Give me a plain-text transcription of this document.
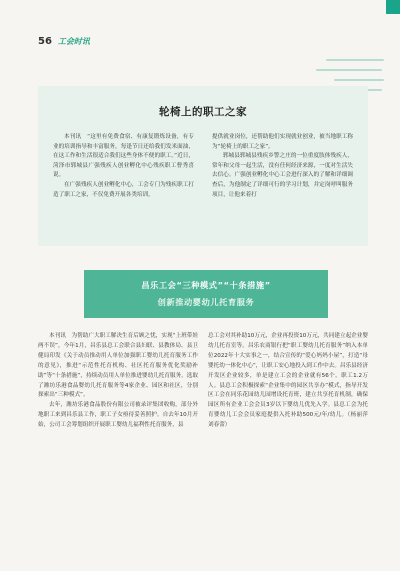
56 工会时讯
轮椅上的职工之家

本刊讯　“这里有免费食宿、有康复锻炼设备，有专业的培训指导和丰富服务，每逢节日还给我们发米面油，在这工作和生活很适合我们这些身体不便的职工。”近日，菏泽市郓城县广强残疾人创业孵化中心残疾职工曹秀喜说。

在广强残疾人创业孵化中心，工会专门为残疾职工打造了职工之家，不仅免费开展各类培训，

提供就业岗位，还帮助他们实现就业创业，被当地职工称为“轮椅上的职工之家”。

郓城县郓城县残疾乡警之庄的一位重度肢体残疾人，常年和父母一起生活，没有任何经济来源，一度对生活失去信心。广强创业孵化中心工会进行深入的了解和详细调查后，为他制定了详细可行的学习计划，并定岗呼叫服务项目，让他来着打

昌乐工会“三种模式”“十条措施”
创新推动婴幼儿托育服务

本刊讯　为帮助广大职工解决生育后顾之忧，实现“上班带娃两不误”，今年1月，昌乐县总工会联合县妇联、县教体局、县卫健局印发《关于动员推动用人单位加强职工婴幼儿托育服务工作的意见》，推进“示范性托育机构、社区托育服务优化奖励补助”等“十条措施”，持续动员用人单位推进婴幼儿托育服务。选取了潍坊乐港食品婴幼儿托育服务等4家企业、园区和社区，分别探索出“三种模式”。

去年，潍坊乐港食品股份有限公司被录评集团收购，部分外地职工来到昌乐县工作，职工子女亟待妥善照护。自去年10月开始，公司工会筹划组织开展职工婴幼儿福利性托育服务，县

总工会对其补助10万元，企业再投资10万元，共同建立起企业婴幼儿托育室等。昌乐农商银行把“职工婴幼儿托育服务”纳入本单位2022年十大实事之一，结合宣传的“爱心妈妈小屋”，打造“母婴托幼一体化中心”，让职工安心地投入到工作中去。昌乐县经济开发区企业较多，单是建立工会的企业就有56个，职工1.2万人。县总工会积极探索“企业集中的园区共享办”模式，指导开发区工会在同乐花园幼儿园增设托育班，建立共享托育机制，确保园区所有企业工会会员3岁以下婴幼儿优先入学。县总工会为托育婴幼儿工会会员家庭提供入托补助500元/年/幼儿。（杨丽萍　刘春蕾）
